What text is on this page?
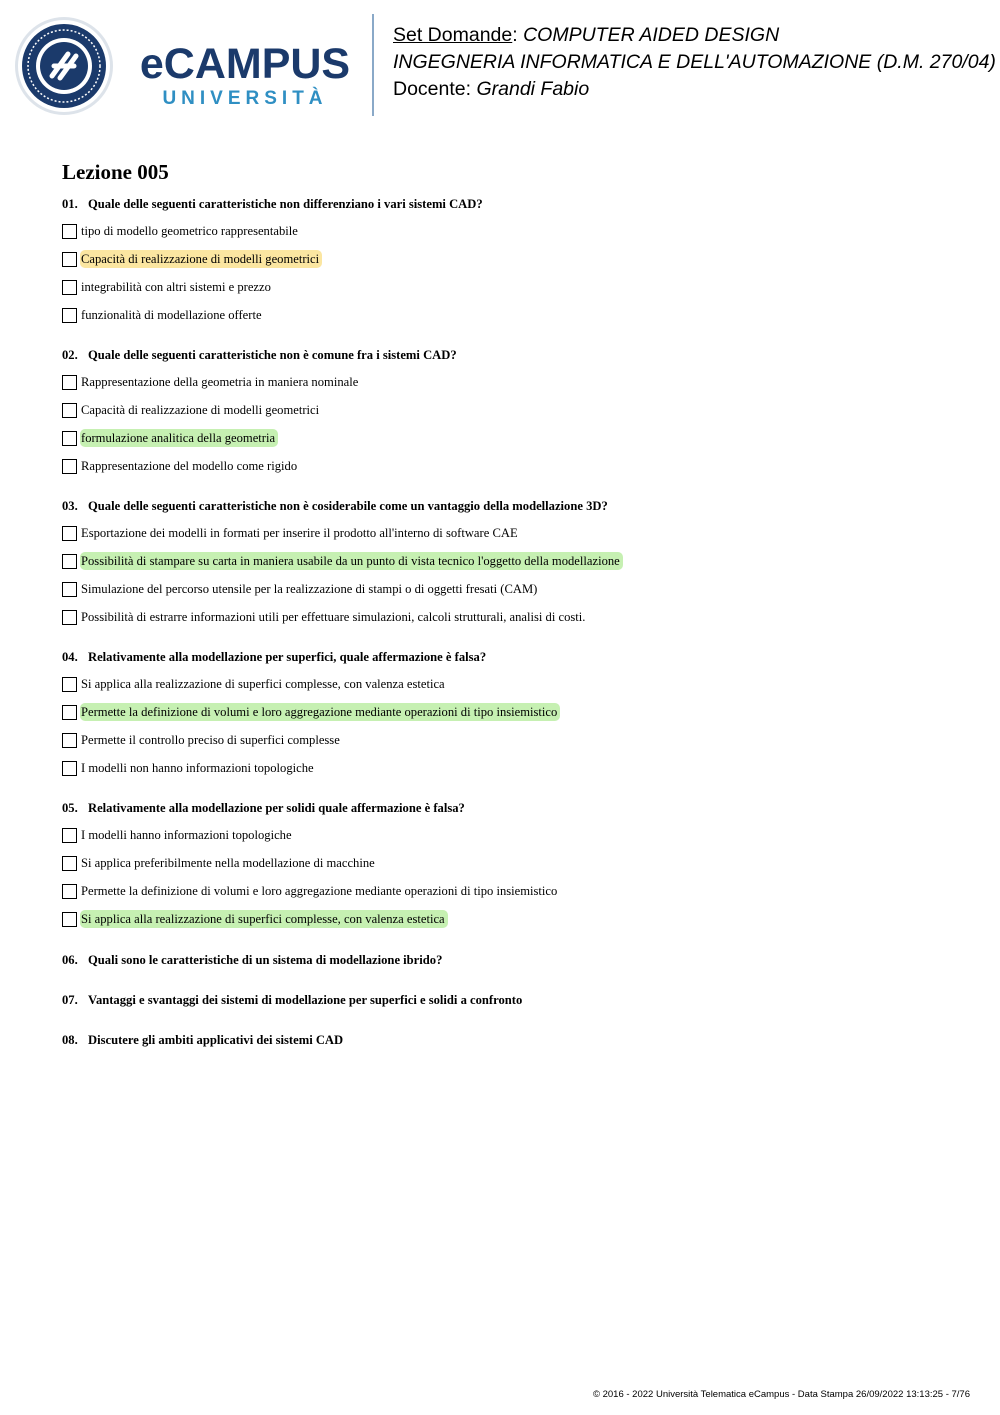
eCAMPUS
UNIVERSITÀ
Set Domande: COMPUTER AIDED DESIGN
INGEGNERIA INFORMATICA E DELL'AUTOMAZIONE (D.M. 270/04)
Docente: Grandi Fabio
Lezione 005
01. Quale delle seguenti caratteristiche non differenziano i vari sistemi CAD?
tipo di modello geometrico rappresentabile
Capacità di realizzazione di modelli geometrici
integrabilità con altri sistemi e prezzo
funzionalità di modellazione offerte
02. Quale delle seguenti caratteristiche non è comune fra i sistemi CAD?
Rappresentazione della geometria in maniera nominale
Capacità di realizzazione di modelli geometrici
formulazione analitica della geometria
Rappresentazione del modello come rigido
03. Quale delle seguenti caratteristiche non è cosiderabile come un vantaggio della modellazione 3D?
Esportazione dei modelli in formati per inserire il prodotto all'interno di software CAE
Possibilità di stampare su carta in maniera usabile da un punto di vista tecnico l'oggetto della modellazione
Simulazione del percorso utensile per la realizzazione di stampi o di oggetti fresati (CAM)
Possibilità di estrarre informazioni utili per effettuare simulazioni, calcoli strutturali, analisi di costi.
04. Relativamente alla modellazione per superfici, quale affermazione è falsa?
Si applica alla realizzazione di superfici complesse, con valenza estetica
Permette la definizione di volumi e loro aggregazione mediante operazioni di tipo insiemistico
Permette il controllo preciso di superfici complesse
I modelli non hanno informazioni topologiche
05. Relativamente alla modellazione per solidi quale affermazione è falsa?
I modelli hanno informazioni topologiche
Si applica preferibilmente nella modellazione di macchine
Permette la definizione di volumi e loro aggregazione mediante operazioni di tipo insiemistico
Si applica alla realizzazione di superfici complesse, con valenza estetica
06. Quali sono le caratteristiche di un sistema di modellazione ibrido?
07. Vantaggi e svantaggi dei sistemi di modellazione per superfici e solidi a confronto
08. Discutere gli ambiti applicativi dei sistemi CAD
© 2016 - 2022 Università Telematica eCampus - Data Stampa 26/09/2022 13:13:25 - 7/76
